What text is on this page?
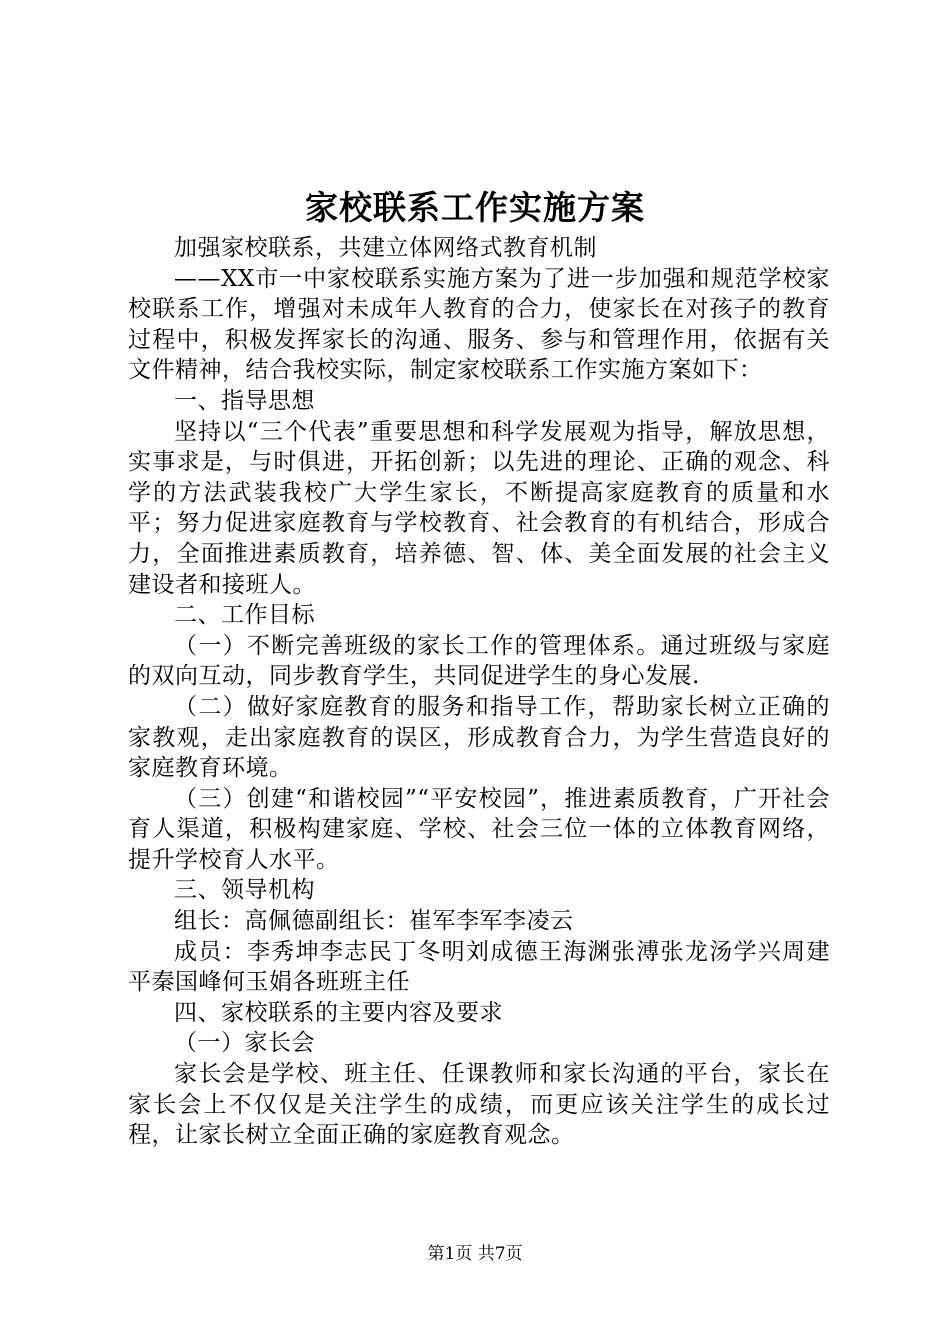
家校联系工作实施方案

加强家校联系，共建立体网络式教育机制

——XX市一中家校联系实施方案为了进一步加强和规范学校家校联系工作，增强对未成年人教育的合力，使家长在对孩子的教育过程中，积极发挥家长的沟通、服务、参与和管理作用，依据有关文件精神，结合我校实际，制定家校联系工作实施方案如下：

一、指导思想

坚持以“三个代表”重要思想和科学发展观为指导，解放思想，实事求是，与时俱进，开拓创新；以先进的理论、正确的观念、科学的方法武装我校广大学生家长，不断提高家庭教育的质量和水平；努力促进家庭教育与学校教育、社会教育的有机结合，形成合力，全面推进素质教育，培养德、智、体、美全面发展的社会主义建设者和接班人。

二、工作目标

（一）不断完善班级的家长工作的管理体系。通过班级与家庭的双向互动，同步教育学生，共同促进学生的身心发展.

（二）做好家庭教育的服务和指导工作，帮助家长树立正确的家教观，走出家庭教育的误区，形成教育合力，为学生营造良好的家庭教育环境。

（三）创建“和谐校园”“平安校园”，推进素质教育，广开社会育人渠道，积极构建家庭、学校、社会三位一体的立体教育网络，提升学校育人水平。

三、领导机构

组长：高佩德副组长：崔军李军李凌云

成员：李秀坤李志民丁冬明刘成德王海渊张溥张龙汤学兴周建平秦国峰何玉娟各班班主任

四、家校联系的主要内容及要求

（一）家长会

家长会是学校、班主任、任课教师和家长沟通的平台，家长在家长会上不仅仅是关注学生的成绩，而更应该关注学生的成长过程，让家长树立全面正确的家庭教育观念。

第1页 共7页
